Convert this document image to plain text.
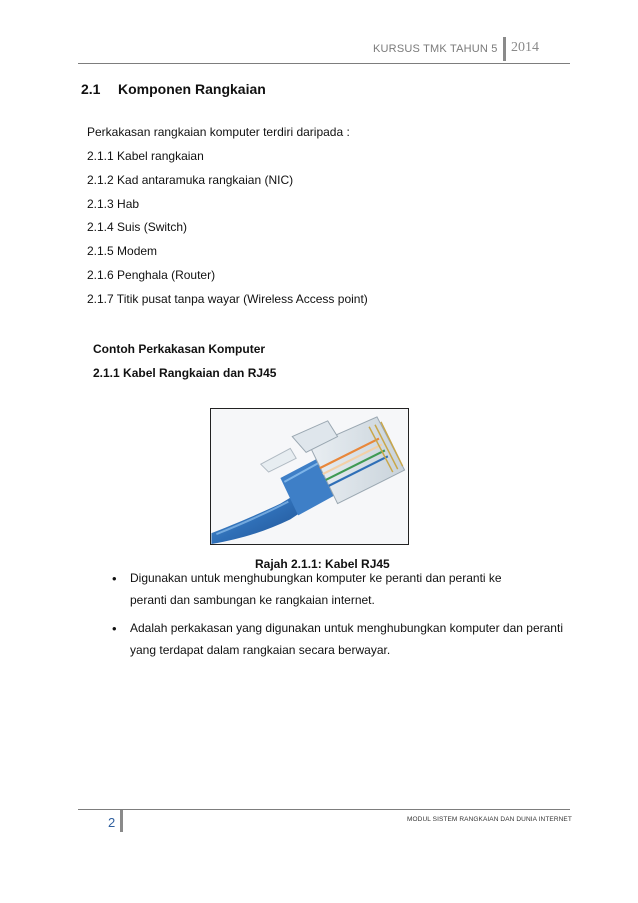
KURSUS TMK TAHUN 5 2014
2.1 Komponen Rangkaian
Perkakasan rangkaian komputer terdiri daripada :
2.1.1 Kabel rangkaian
2.1.2 Kad antaramuka rangkaian (NIC)
2.1.3 Hab
2.1.4 Suis (Switch)
2.1.5 Modem
2.1.6 Penghala (Router)
2.1.7 Titik pusat tanpa wayar (Wireless Access point)
Contoh Perkakasan Komputer
2.1.1 Kabel Rangkaian dan RJ45
Rajah 2.1.1: Kabel RJ45
• Digunakan untuk menghubungkan komputer ke peranti dan peranti ke
peranti dan sambungan ke rangkaian internet.
• Adalah perkakasan yang digunakan untuk menghubungkan komputer dan peranti
yang terdapat dalam rangkaian secara berwayar.
2	MODUL SISTEM RANGKAIAN DAN DUNIA INTERNET
